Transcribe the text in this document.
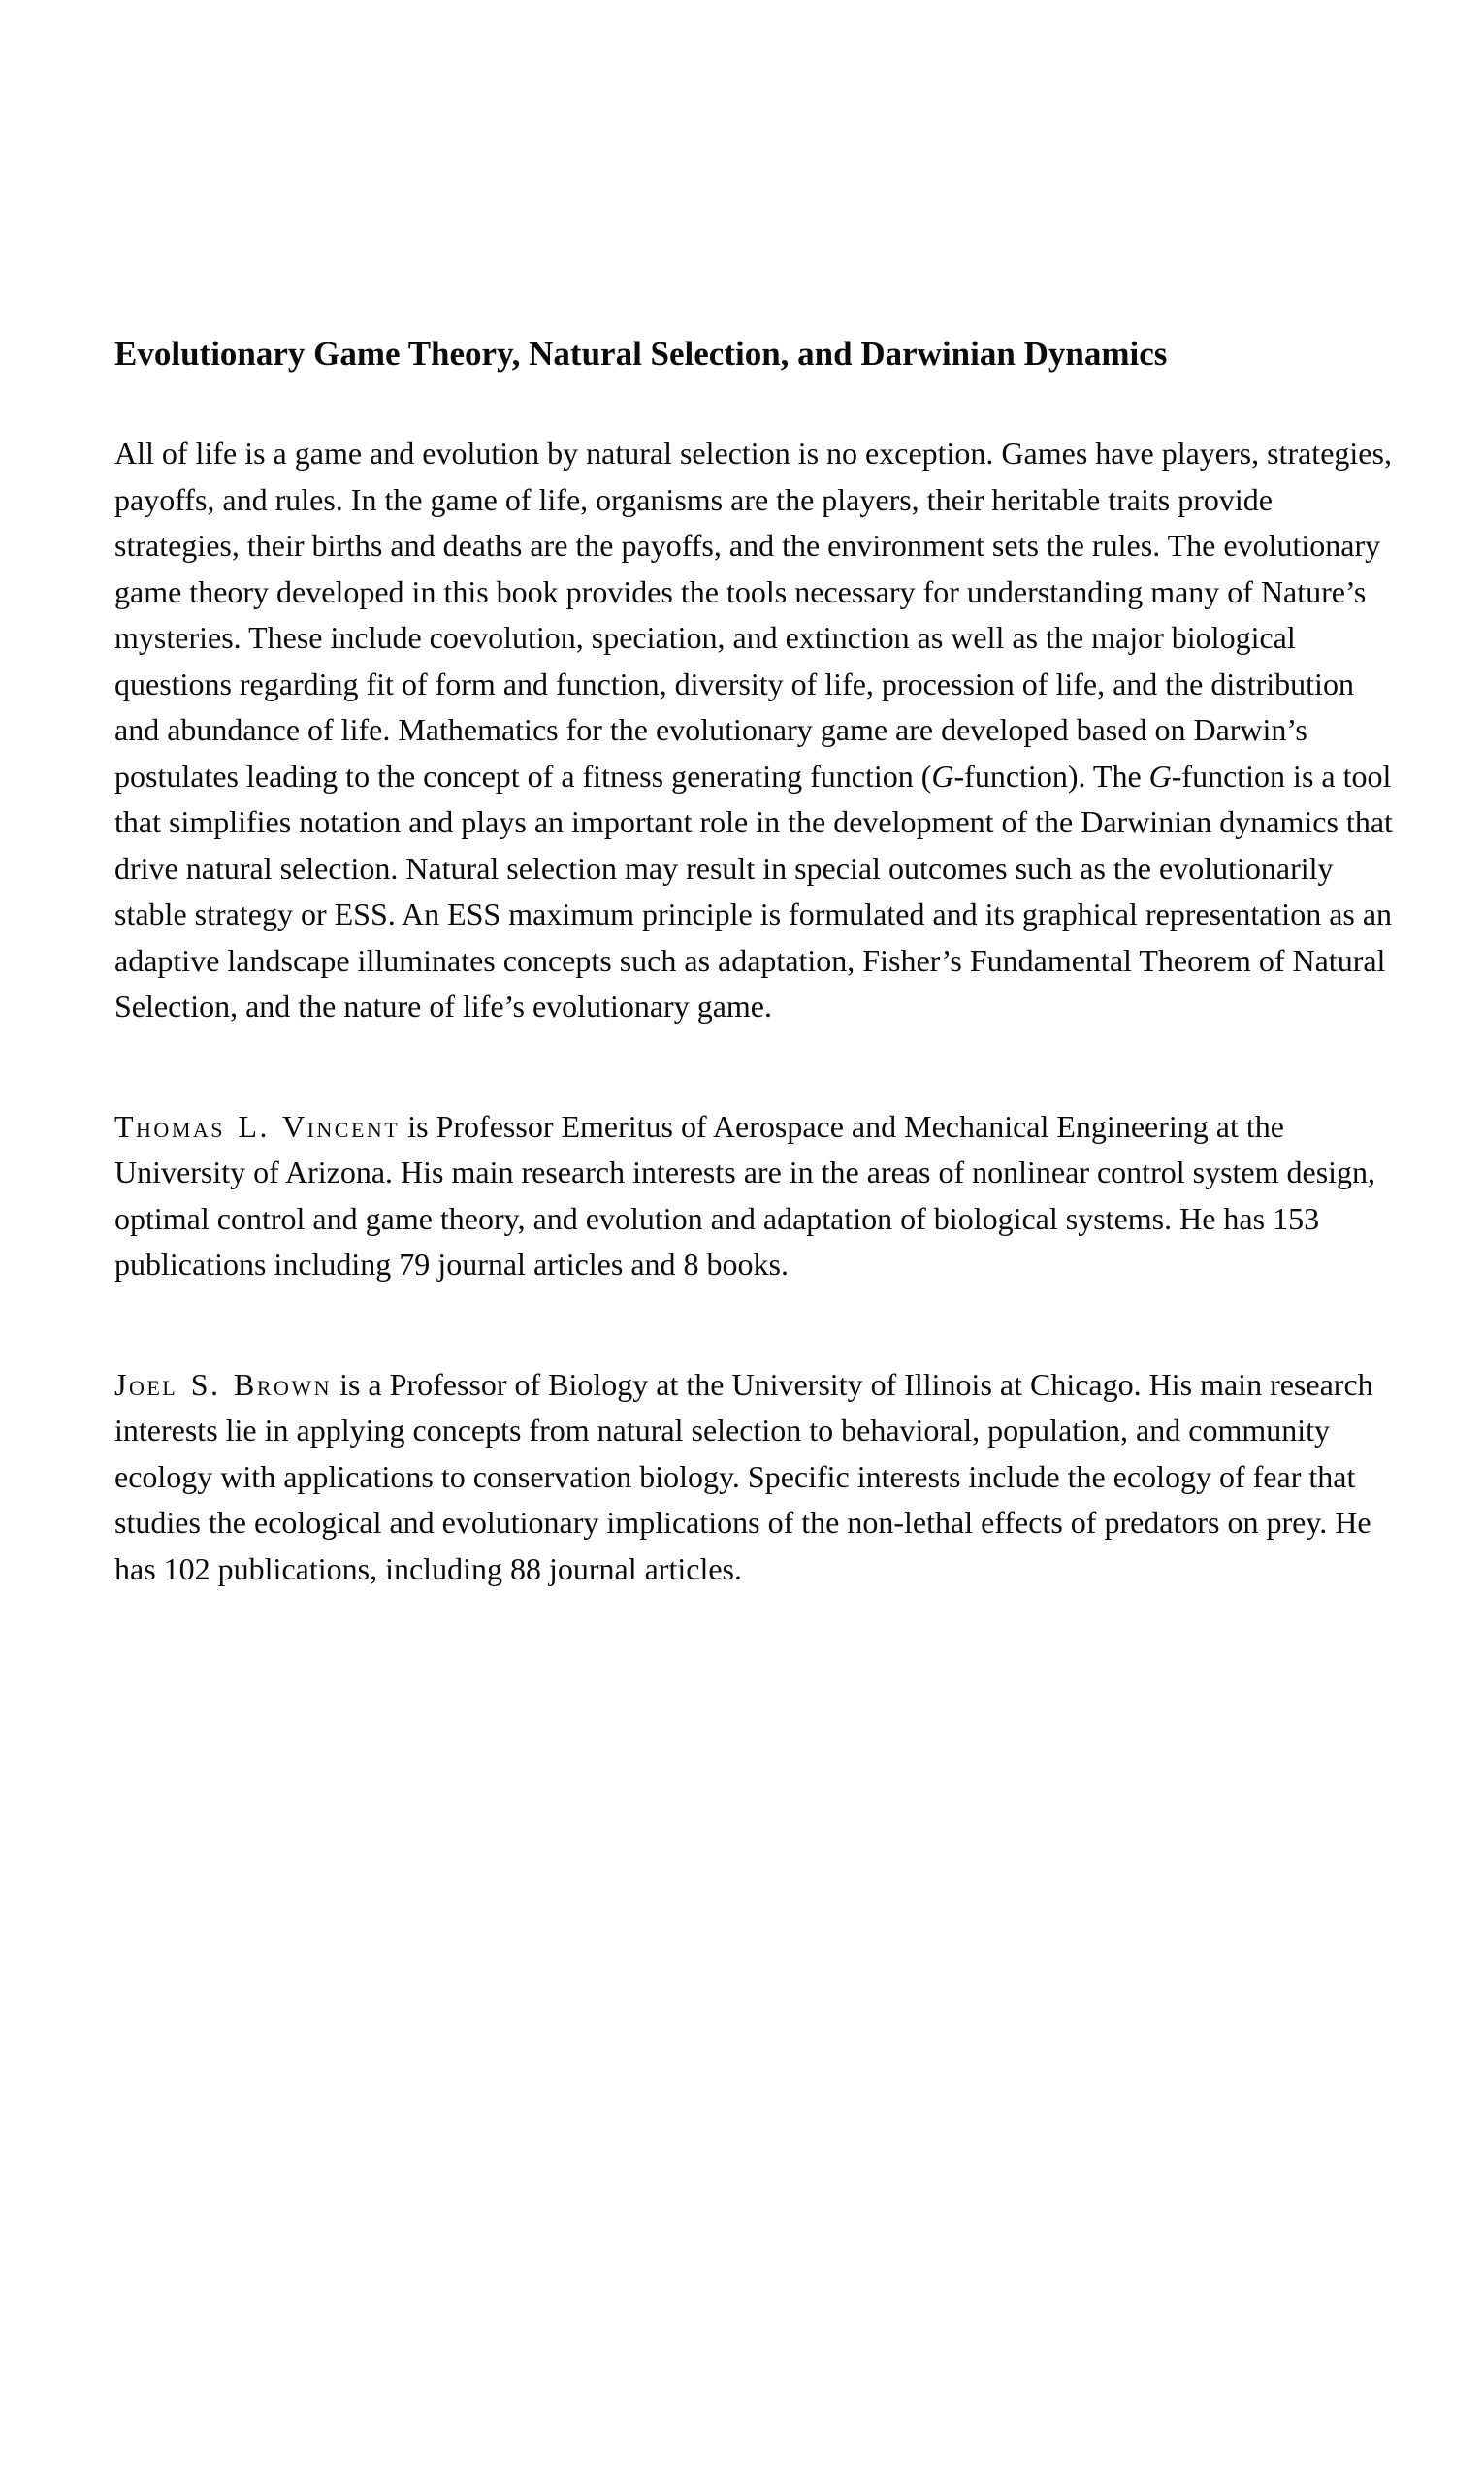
Evolutionary Game Theory, Natural Selection, and Darwinian Dynamics

All of life is a game and evolution by natural selection is no exception. Games have players, strategies, payoffs, and rules. In the game of life, organisms are the players, their heritable traits provide strategies, their births and deaths are the payoffs, and the environment sets the rules. The evolutionary game theory developed in this book provides the tools necessary for understanding many of Nature’s mysteries. These include coevolution, speciation, and extinction as well as the major biological questions regarding fit of form and function, diversity of life, procession of life, and the distribution and abundance of life. Mathematics for the evolutionary game are developed based on Darwin’s postulates leading to the concept of a fitness generating function (G-function). The G-function is a tool that simplifies notation and plays an important role in the development of the Darwinian dynamics that drive natural selection. Natural selection may result in special outcomes such as the evolutionarily stable strategy or ESS. An ESS maximum principle is formulated and its graphical representation as an adaptive landscape illuminates concepts such as adaptation, Fisher’s Fundamental Theorem of Natural Selection, and the nature of life’s evolutionary game.

Thomas L. Vincent is Professor Emeritus of Aerospace and Mechanical Engineering at the University of Arizona. His main research interests are in the areas of nonlinear control system design, optimal control and game theory, and evolution and adaptation of biological systems. He has 153 publications including 79 journal articles and 8 books.

Joel S. Brown is a Professor of Biology at the University of Illinois at Chicago. His main research interests lie in applying concepts from natural selection to behavioral, population, and community ecology with applications to conservation biology. Specific interests include the ecology of fear that studies the ecological and evolutionary implications of the non-lethal effects of predators on prey. He has 102 publications, including 88 journal articles.
